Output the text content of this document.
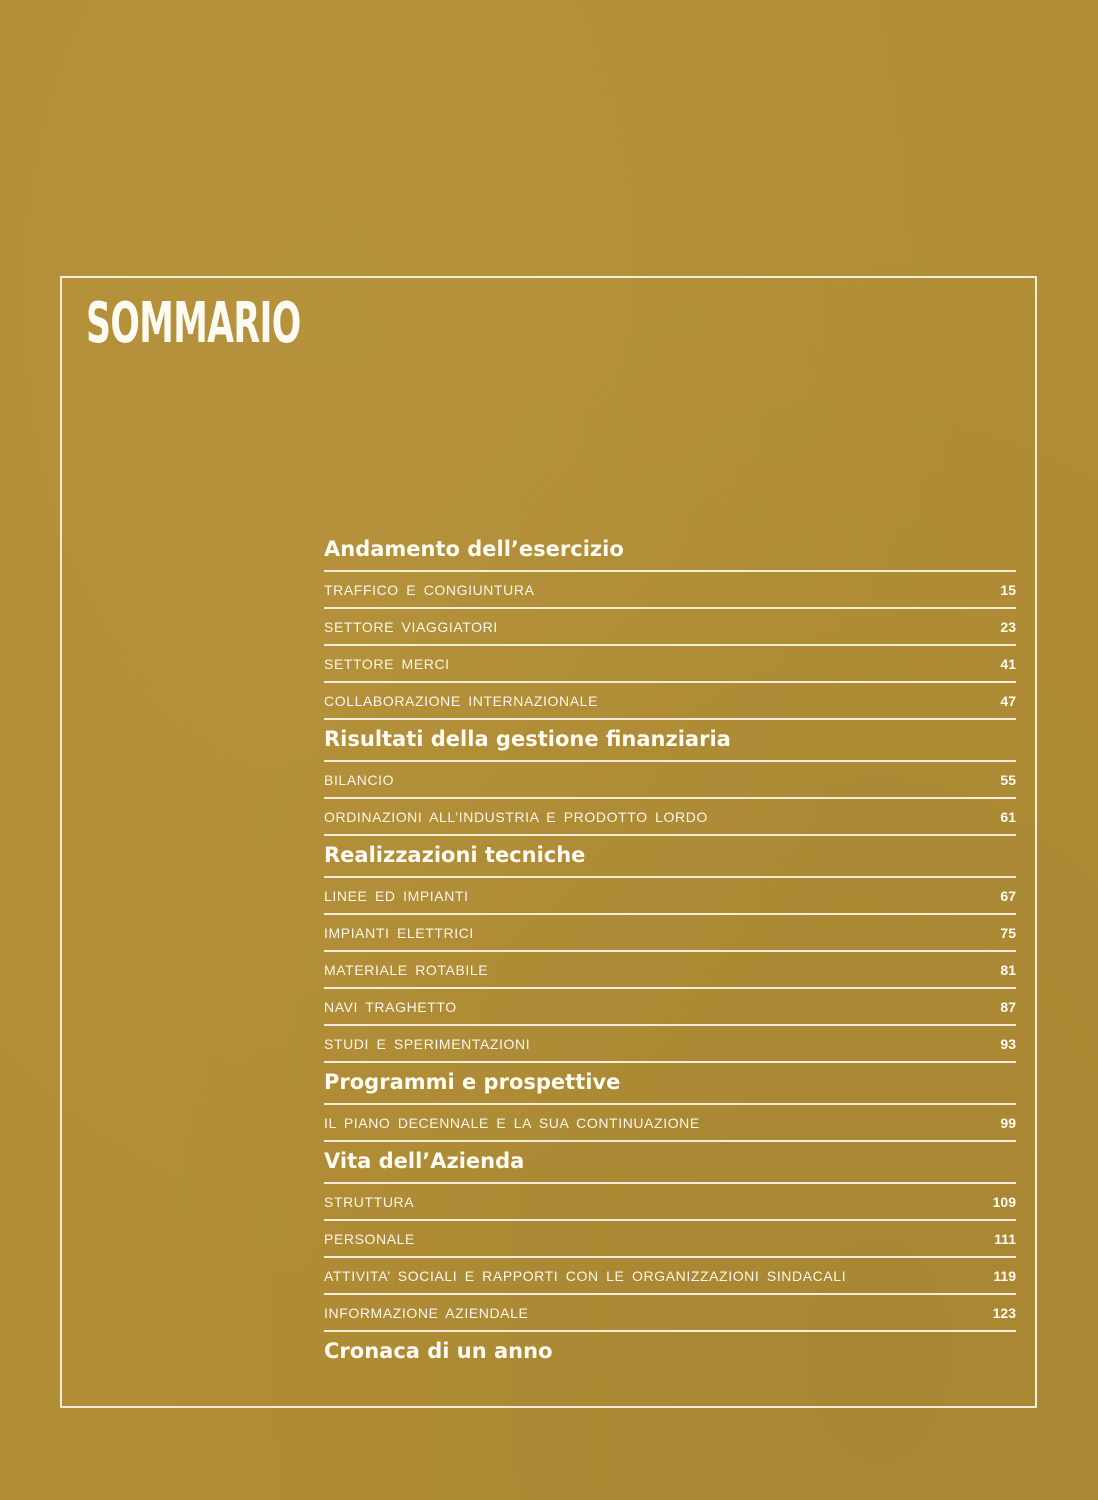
SOMMARIO
Andamento dell’esercizio
TRAFFICO E CONGIUNTURA	15
SETTORE VIAGGIATORI	23
SETTORE MERCI	41
COLLABORAZIONE INTERNAZIONALE	47
Risultati della gestione finanziaria
BILANCIO	55
ORDINAZIONI ALL’INDUSTRIA E PRODOTTO LORDO	61
Realizzazioni tecniche
LINEE ED IMPIANTI	67
IMPIANTI ELETTRICI	75
MATERIALE ROTABILE	81
NAVI TRAGHETTO	87
STUDI E SPERIMENTAZIONI	93
Programmi e prospettive
IL PIANO DECENNALE E LA SUA CONTINUAZIONE	99
Vita dell’Azienda
STRUTTURA	109
PERSONALE	111
ATTIVITA’ SOCIALI E RAPPORTI CON LE ORGANIZZAZIONI SINDACALI	119
INFORMAZIONE AZIENDALE	123
Cronaca di un anno
